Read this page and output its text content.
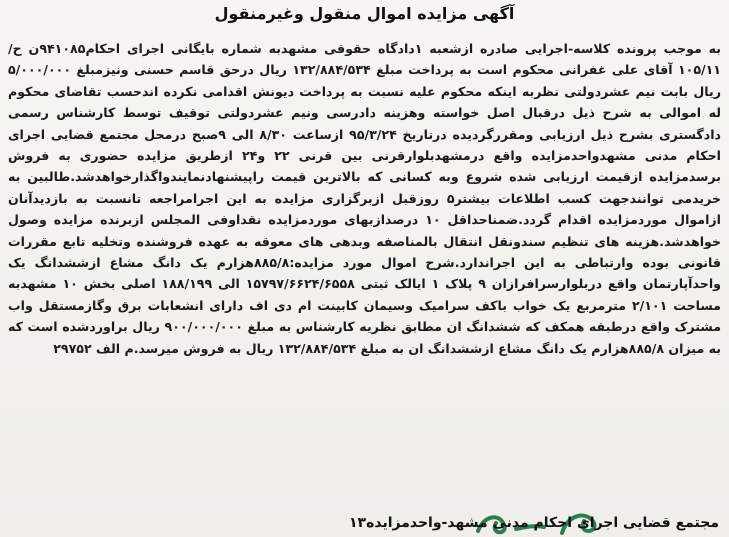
آگهی مزایده اموال منقول وغیرمنقول
به موجب پرونده کلاسه-اجرایی صادره ازشعبه ۱دادگاه حقوقی مشهدبه شماره بایگانی اجرای احکام۹۴۱۰۸۵ن ح/۱۰۵/۱۱ آقای علی غفرانی محکوم است به پرداخت مبلغ ۱۳۲/۸۸۴/۵۳۴ ریال درحق قاسم حسنی ونیزمبلغ ۵/۰۰۰/۰۰۰ ریال بابت نیم عشردولتی نظربه اینکه محکوم علیه نسبت به پرداخت دیونش اقدامی نکرده اندحسب تقاضای محکوم له اموالی به شرح ذیل درقبال اصل خواسته وهزینه دادرسی ونیم عشردولتی توقیف توسط کارشناس رسمی دادگستری بشرح ذیل ارزیابی ومقررگردیده درتاریخ ۹۵/۳/۲۴ ازساعت ۸/۳۰ الی ۹صبح درمحل مجتمع قضایی اجرای احکام مدنی مشهدواحدمزایده واقع درمشهدبلوارقرنی بین قرنی ۲۲ و۲۴ ازطریق مزایده حضوری به فروش برسدمزایده ازقیمت ارزیابی شده شروع وبه کسانی که بالاترین قیمت راپیشنهادنمایندواگذارخواهدشد.طالبین به خریدمی توانندجهت کسب اطلاعات بیشتر۵ روزقبل ازبرگزاری مزایده به این اجرامراجعه تانسبت به بازدیدآنان ازاموال موردمزایده اقدام گردد.ضمناحداقل ۱۰ درصدازبهای موردمزایده نقداوفی المجلس ازبرنده مزایده وصول خواهدشد.هزینه های تنظیم سندونقل انتقال بالمناصفه وبدهی های معوقه به عهده فروشنده وتخلیه تابع مقررات قانونی بوده وارتباطی به این اجراندارد.شرح اموال مورد مزایده:۸۸۵/۸هزارم یک دانگ مشاع ازششدانگ یک واحدآپارتمان واقع دربلوارسرافرازان ۹ پلاک ۱ ایالک ثبتی ۱۵۷۹۷/۶۶۲۴/۶۵۵۸ الی ۱۸۸/۱۹۹ اصلی بخش ۱۰ مشهدبه مساحت ۲/۱۰۱ مترمربع یک خواب باکف سرامیک وسیمان کابینت ام دی اف دارای انشعابات برق وگازمستقل واب مشترک واقع درطبقه همکف که ششدانگ ان مطابق نظریه کارشناس به مبلغ ۹۰۰/۰۰۰/۰۰۰ ریال براوردشده است که به میزان ۸۸۵/۸هزارم یک دانگ مشاع ازششدانگ ان به مبلغ ۱۳۲/۸۸۴/۵۳۴ ریال به فروش میرسد.م الف ۲۹۷۵۲
مجتمع قضایی اجرای احکام مدنی مشهد-واحدمزایده۱۳
